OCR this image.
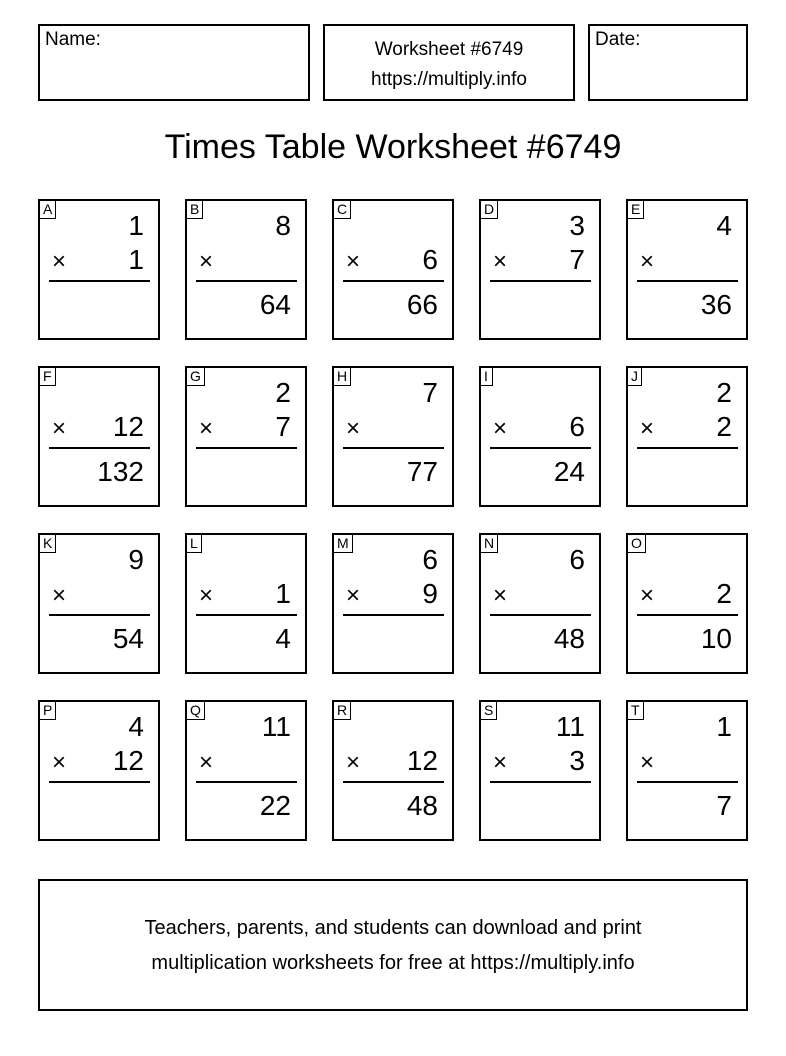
Name:	Worksheet #6749
https://multiply.info
Date:
Times Table Worksheet #6749
A
1
× 1
B
8
×
64
C
× 6
66
D
3
× 7
E
4
×
36
F
× 12
132
G
2
× 7
H
7
×
77
I
× 6
24
J
2
× 2
K
9
×
54
L
× 1
4
M
6
× 9
N
6
×
48
O
× 2
10
P
4
× 12
Q
11
×
22
R
× 12
48
S
11
× 3
T
1
×
7
Teachers, parents, and students can download and print
multiplication worksheets for free at https://multiply.info
